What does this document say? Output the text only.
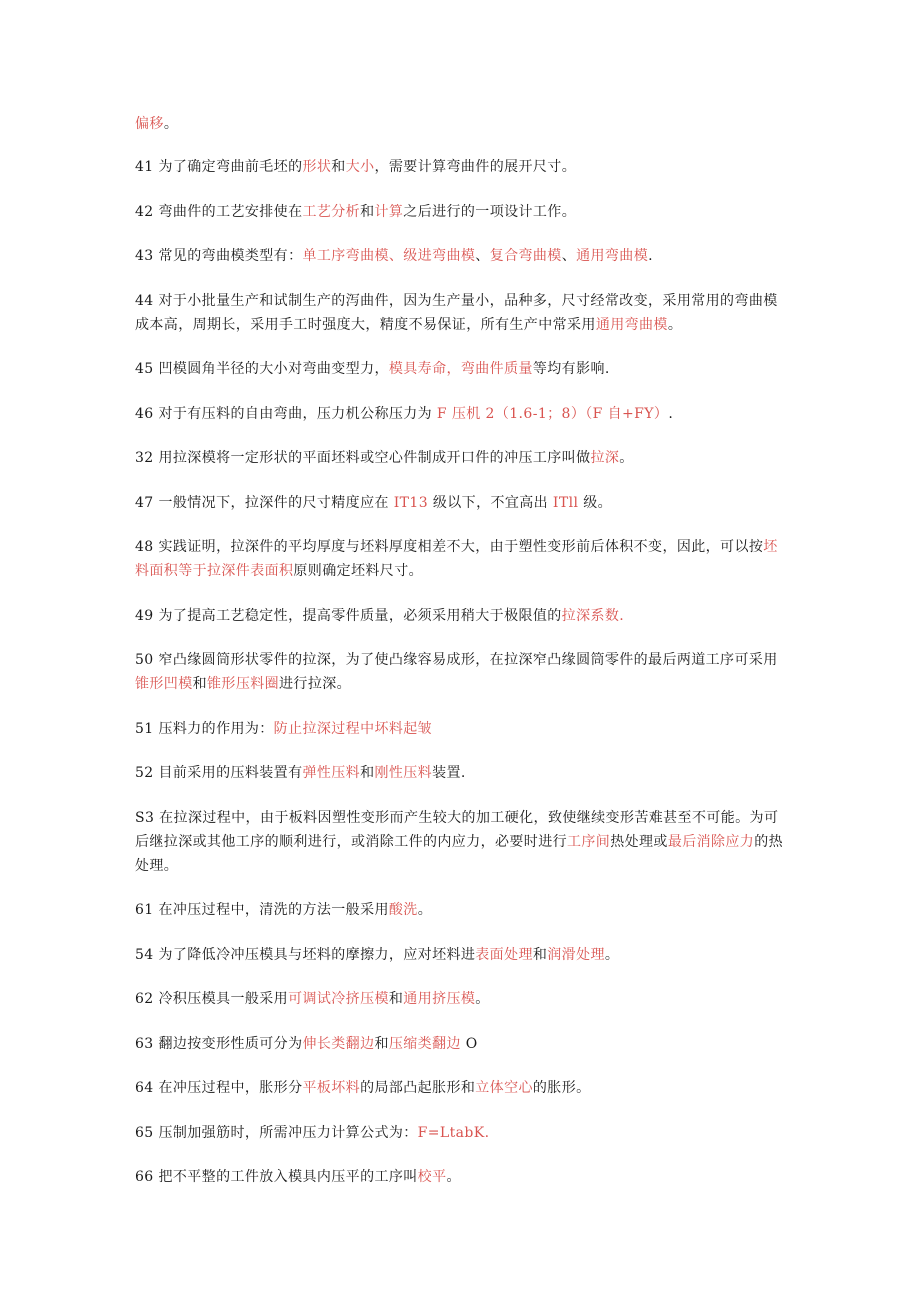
偏移。

41 为了确定弯曲前毛坯的形状和大小，需要计算弯曲件的展开尺寸。

42 弯曲件的工艺安排使在工艺分析和计算之后进行的一项设计工作。

43 常见的弯曲模类型有：单工序弯曲模、级进弯曲模、复合弯曲模、通用弯曲模.

44 对于小批量生产和试制生产的泻曲件，因为生产量小，品种多，尺寸经常改变，采用常用的弯曲模成本高，周期长，采用手工时强度大，精度不易保证，所有生产中常采用通用弯曲模。

45 凹模圆角半径的大小对弯曲变型力，模具寿命，弯曲件质量等均有影响.

46 对于有压料的自由弯曲，压力机公称压力为 F 压机 2（1.6-1；8）（F 自+FY）.

32 用拉深模将一定形状的平面坯料或空心件制成开口件的冲压工序叫做拉深。

47 一般情况下，拉深件的尺寸精度应在 IT13 级以下，不宜高出 ITll 级。

48 实践证明，拉深件的平均厚度与坯料厚度相差不大，由于塑性变形前后体积不变，因此，可以按坯料面积等于拉深件表面积原则确定坯料尺寸。

49 为了提高工艺稳定性，提高零件质量，必须采用稍大于极限值的拉深系数.

50 窄凸缘圆筒形状零件的拉深，为了使凸缘容易成形，在拉深窄凸缘圆筒零件的最后两道工序可采用锥形凹模和锥形压料圈进行拉深。

51 压料力的作用为：防止拉深过程中坏料起皱

52 目前采用的压料装置有弹性压料和刚性压料装置.

S3 在拉深过程中，由于板料因塑性变形而产生较大的加工硬化，致使继续变形苦难甚至不可能。为可后继拉深或其他工序的顺利进行，或消除工件的内应力，必要时进行工序间热处理或最后消除应力的热处理。

61 在冲压过程中，清洗的方法一般采用酸洗。

54 为了降低冷冲压模具与坯料的摩擦力，应对坯料进表面处理和润滑处理。

62 冷积压模具一般采用可调试冷挤压模和通用挤压模。

63 翻边按变形性质可分为伸长类翻边和压缩类翻边 O

64 在冲压过程中，胀形分平板坏料的局部凸起胀形和立体空心的胀形。

65 压制加强筋时，所需冲压力计算公式为：F=LtabK.

66 把不平整的工件放入模具内压平的工序叫校平。
